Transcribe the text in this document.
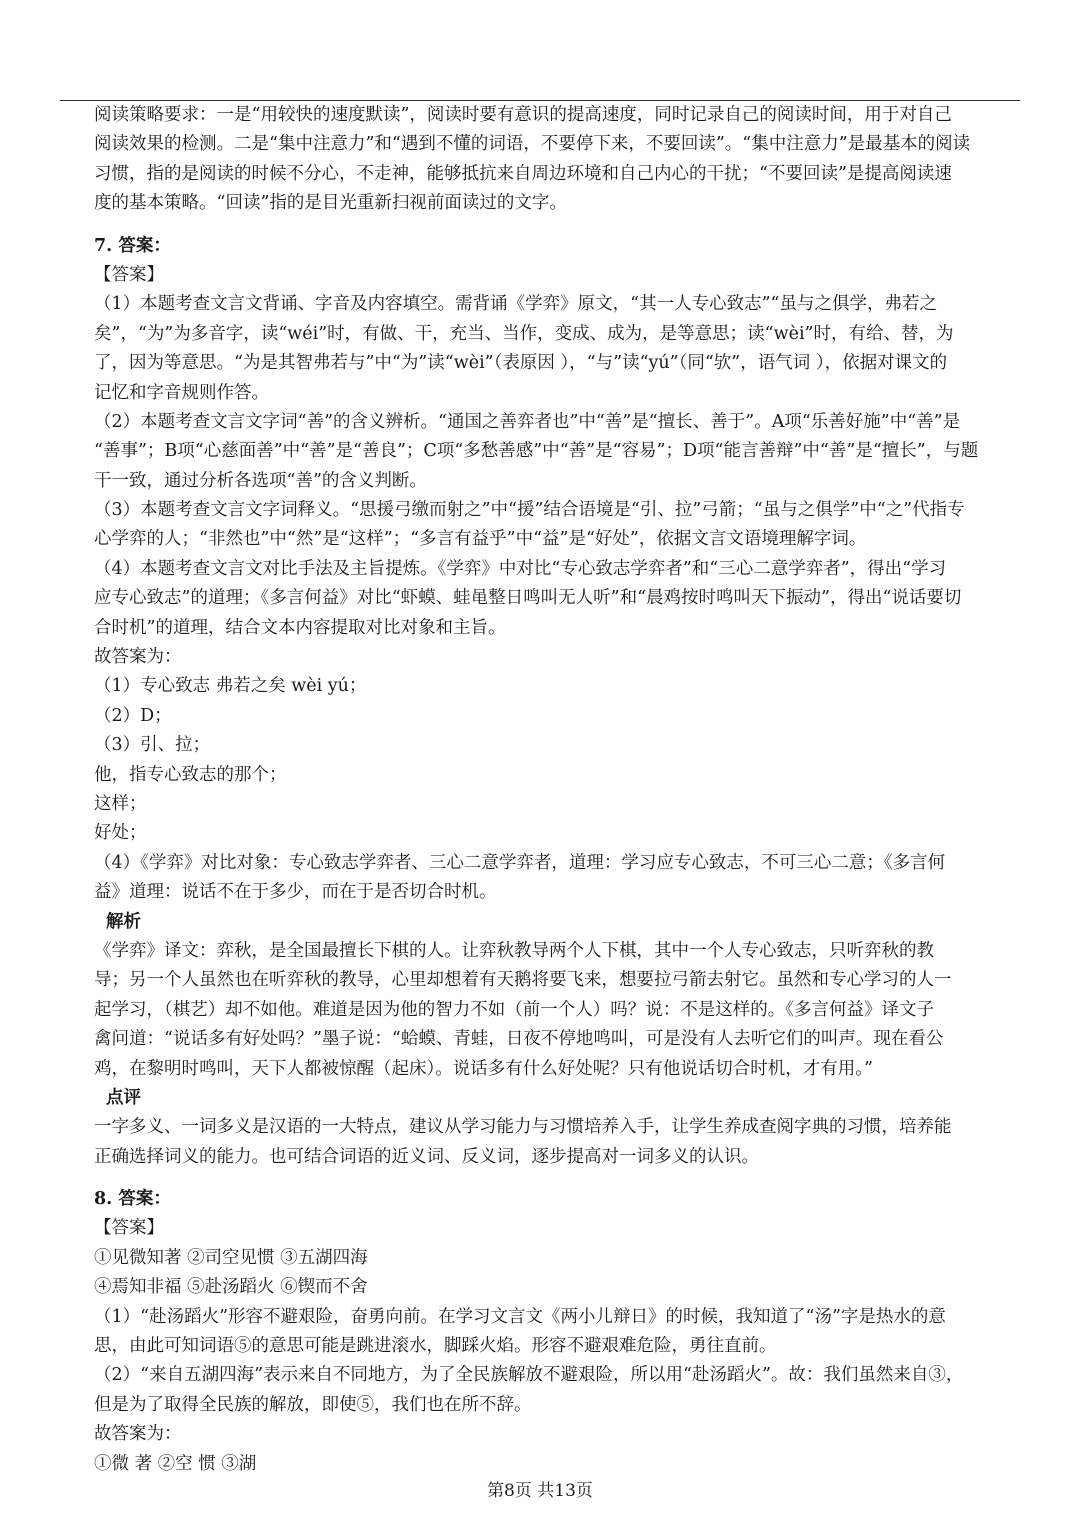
阅读策略要求：一是“用较快的速度默读”，阅读时要有意识的提高速度，同时记录自己的阅读时间，用于对自己
阅读效果的检测。二是“集中注意力”和“遇到不懂的词语，不要停下来，不要回读”。“集中注意力”是最基本的阅读
习惯，指的是阅读的时候不分心，不走神，能够抵抗来自周边环境和自己内心的干扰；“不要回读”是提高阅读速
度的基本策略。“回读”指的是目光重新扫视前面读过的文字。
7. 答案：
【答案】
（1）本题考查文言文背诵、字音及内容填空。需背诵《学弈》原文，“其一人专心致志”“虽与之俱学，弗若之
矣”，“为”为多音字，读“wéi”时，有做、干，充当、当作，变成、成为，是等意思；读“wèi”时，有给、替，为
了，因为等意思。“为是其智弗若与”中“为”读“wèi”（表原因 ），“与”读“yú”（同“欤”，语气词 ），依据对课文的
记忆和字音规则作答。
（2）本题考查文言文字词“善”的含义辨析。“通国之善弈者也”中“善”是“擅长、善于”。A项“乐善好施”中“善”是
“善事”；B项“心慈面善”中“善”是“善良”；C项“多愁善感”中“善”是“容易”；D项“能言善辩”中“善”是“擅长”，与题
干一致，通过分析各选项“善”的含义判断。
（3）本题考查文言文字词释义。“思援弓缴而射之”中“援”结合语境是“引、拉”弓箭；“虽与之俱学”中“之”代指专
心学弈的人；“非然也”中“然”是“这样”；“多言有益乎”中“益”是“好处”，依据文言文语境理解字词。
（4）本题考查文言文对比手法及主旨提炼。《学弈》中对比“专心致志学弈者”和“三心二意学弈者”，得出“学习
应专心致志”的道理；《多言何益》对比“虾蟆、蛙黾整日鸣叫无人听”和“晨鸡按时鸣叫天下振动”，得出“说话要切
合时机”的道理，结合文本内容提取对比对象和主旨。
故答案为：
（1）专心致志 弗若之矣 wèi yú；
（2）D；
（3）引、拉；
他，指专心致志的那个；
这样；
好处；
（4）《学弈》对比对象：专心致志学弈者、三心二意学弈者，道理：学习应专心致志，不可三心二意；《多言何
益》道理：说话不在于多少，而在于是否切合时机。
解析
《学弈》译文：弈秋，是全国最擅长下棋的人。让弈秋教导两个人下棋，其中一个人专心致志，只听弈秋的教
导；另一个人虽然也在听弈秋的教导，心里却想着有天鹅将要飞来，想要拉弓箭去射它。虽然和专心学习的人一
起学习，（棋艺）却不如他。难道是因为他的智力不如（前一个人）吗？说：不是这样的。《多言何益》译文子
禽问道：“说话多有好处吗？”墨子说：“蛤蟆、青蛙，日夜不停地鸣叫，可是没有人去听它们的叫声。现在看公
鸡，在黎明时鸣叫，天下人都被惊醒（起床）。说话多有什么好处呢？只有他说话切合时机，才有用。”
点评
一字多义、一词多义是汉语的一大特点，建议从学习能力与习惯培养入手，让学生养成查阅字典的习惯，培养能
正确选择词义的能力。也可结合词语的近义词、反义词，逐步提高对一词多义的认识。
8. 答案：
【答案】
①见微知著 ②司空见惯 ③五湖四海
④焉知非福 ⑤赴汤蹈火 ⑥锲而不舍
（1）“赴汤蹈火”形容不避艰险，奋勇向前。在学习文言文《两小儿辩日》的时候，我知道了“汤”字是热水的意
思，由此可知词语⑤的意思可能是跳进滚水，脚踩火焰。形容不避艰难危险，勇往直前。
（2）“来自五湖四海”表示来自不同地方，为了全民族解放不避艰险，所以用“赴汤蹈火”。故：我们虽然来自③，
但是为了取得全民族的解放，即使⑤，我们也在所不辞。
故答案为：
①微 著 ②空 惯 ③湖
第8页 共13页
